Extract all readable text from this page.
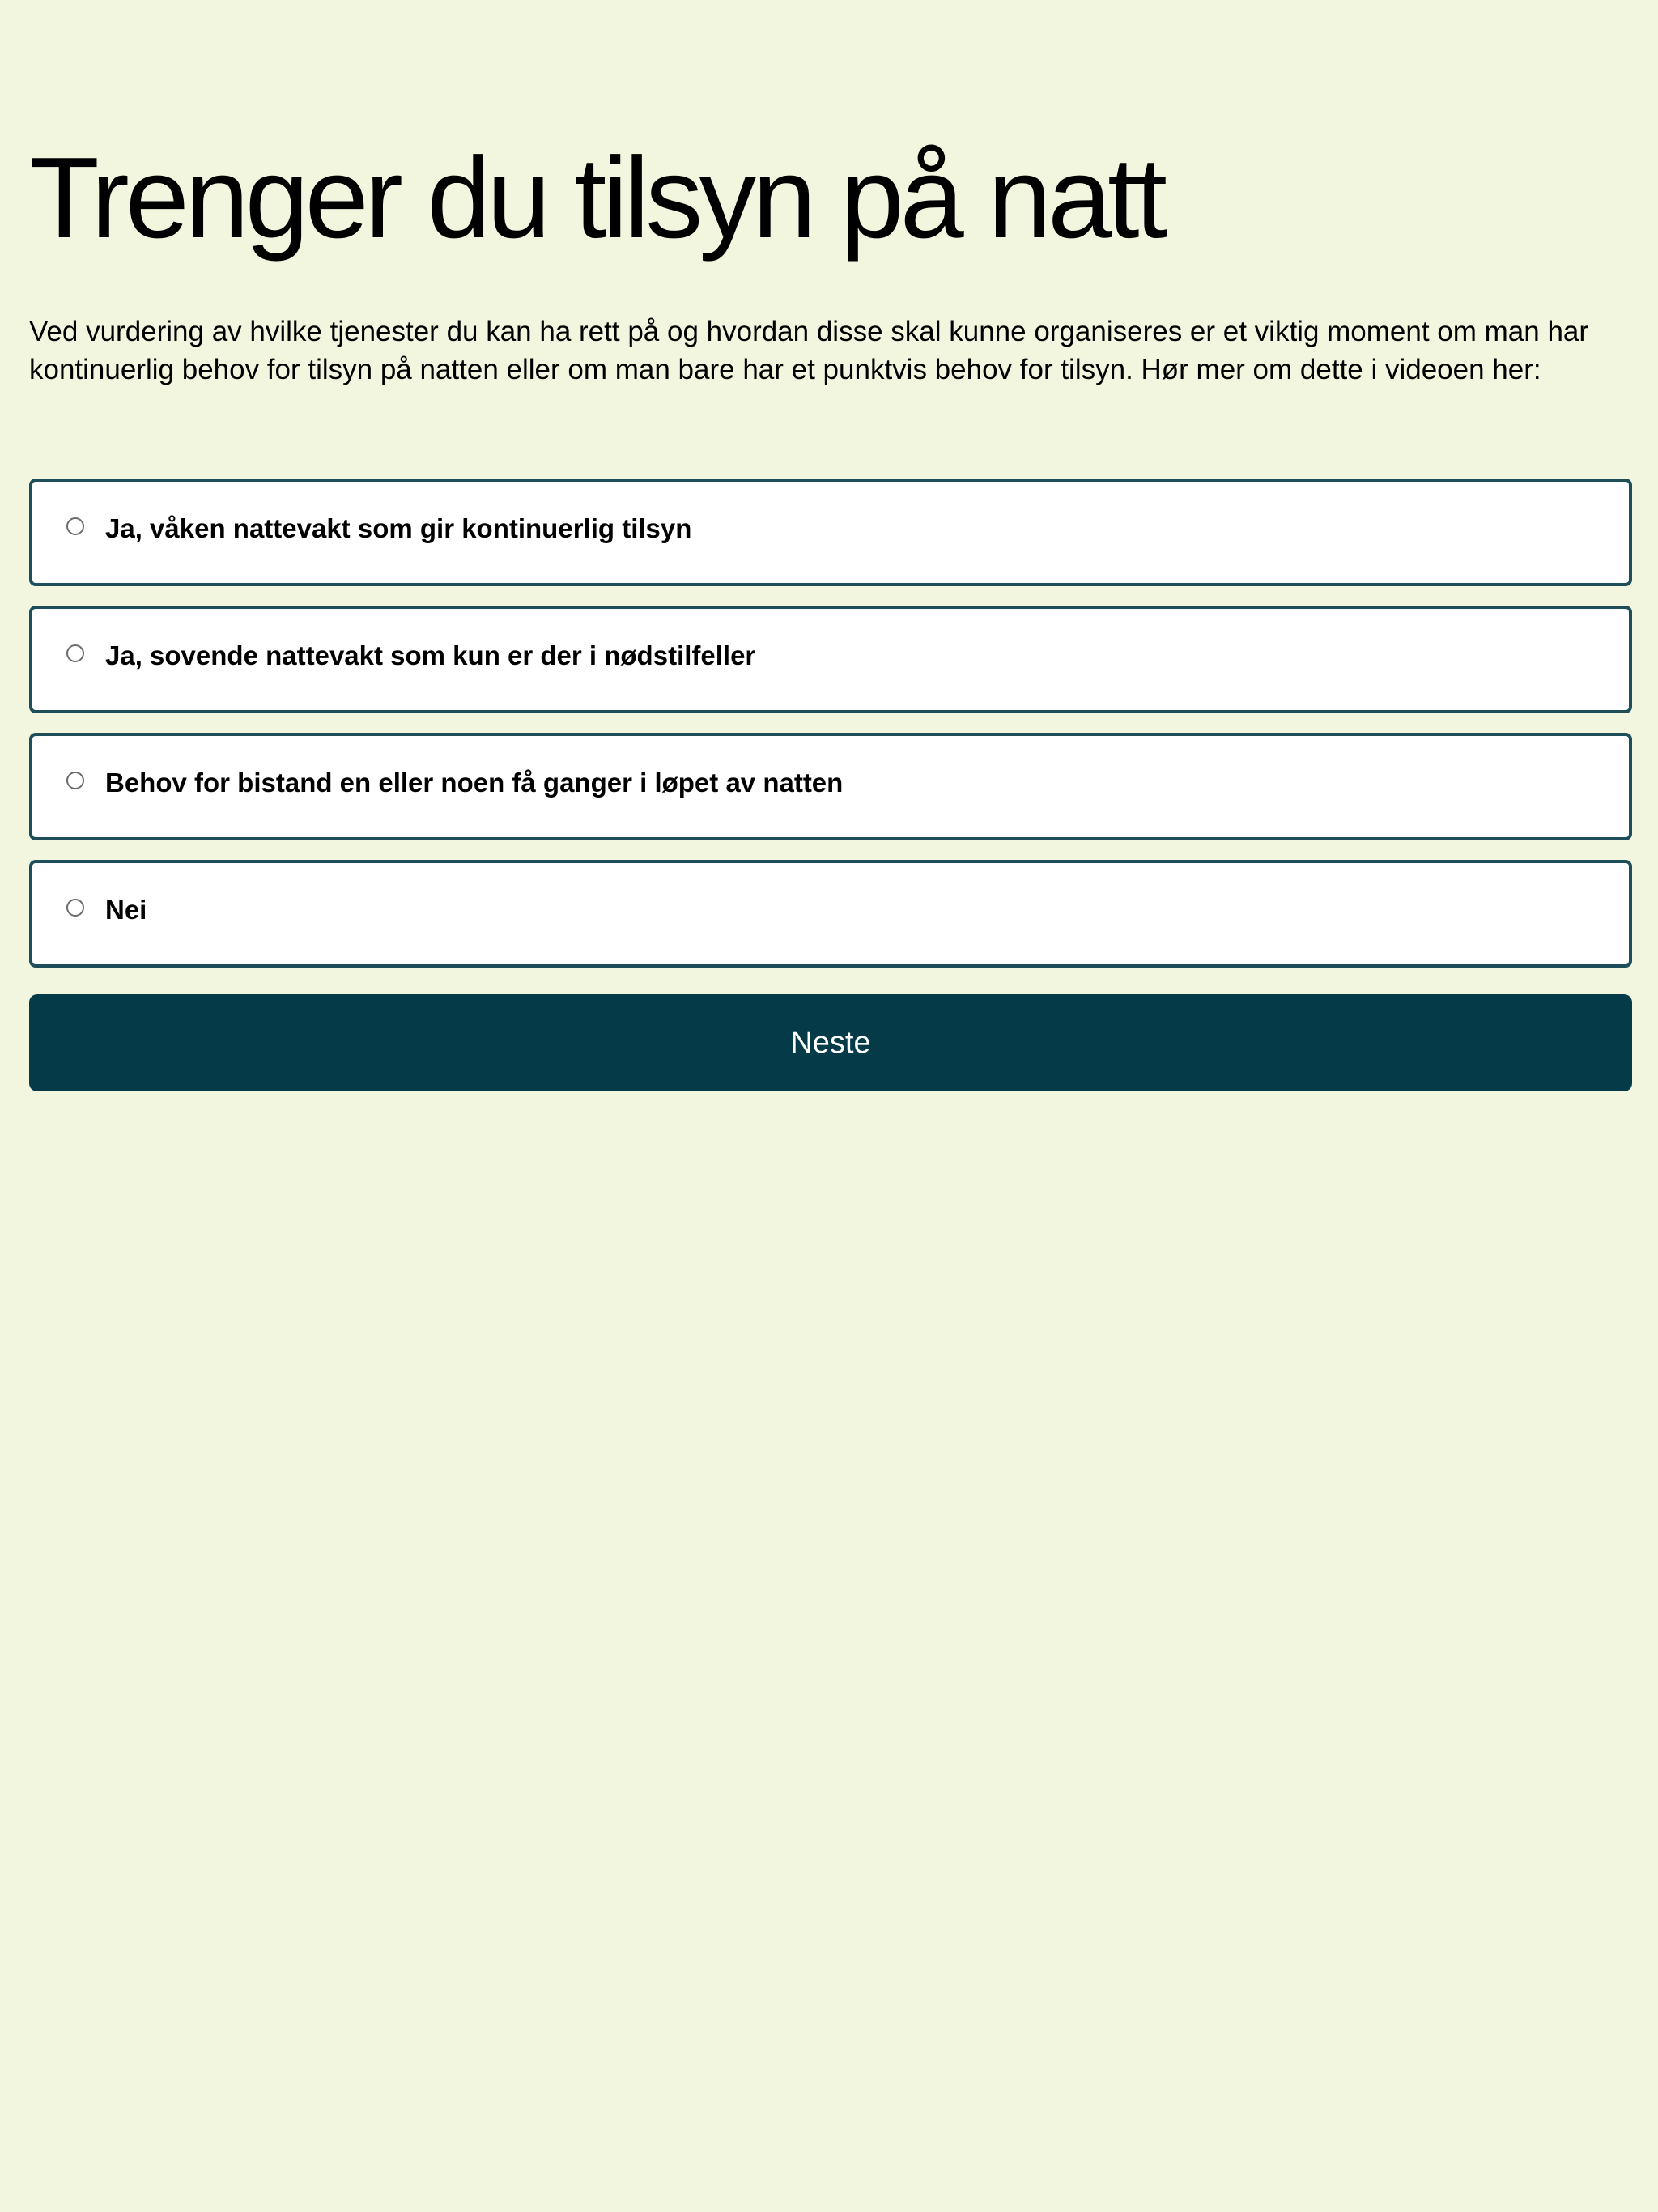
Trenger du tilsyn på natt

Ved vurdering av hvilke tjenester du kan ha rett på og hvordan disse skal kunne organiseres er et viktig moment om man har kontinuerlig behov for tilsyn på natten eller om man bare har et punktvis behov for tilsyn. Hør mer om dette i videoen her:

Ja, våken nattevakt som gir kontinuerlig tilsyn
Ja, sovende nattevakt som kun er der i nødstilfeller
Behov for bistand en eller noen få ganger i løpet av natten
Nei
Neste
